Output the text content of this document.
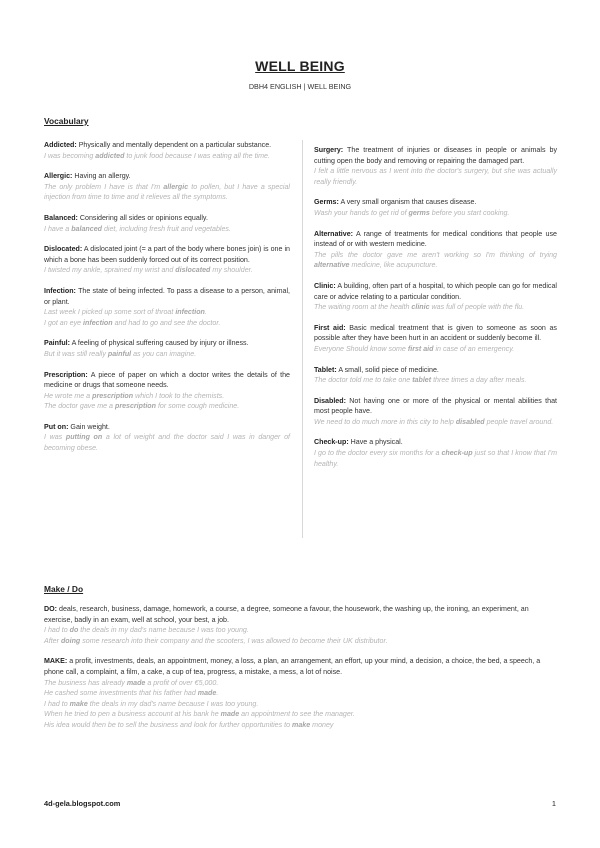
WELL BEING
DBH4 ENGLISH | WELL BEING
Vocabulary
Addicted: Physically and mentally dependent on a particular substance.
I was becoming addicted to junk food because I was eating all the time.
Allergic: Having an allergy.
The only problem I have is that I'm allergic to pollen, but I have a special injection from time to time and it relieves all the symptoms.
Balanced: Considering all sides or opinions equally.
I have a balanced diet, including fresh fruit and vegetables.
Dislocated: A dislocated joint (= a part of the body where bones join) is one in which a bone has been suddenly forced out of its correct position.
I twisted my ankle, sprained my wrist and dislocated my shoulder.
Infection: The state of being infected. To pass a disease to a person, animal, or plant.
Last week I picked up some sort of throat infection.
I got an eye infection and had to go and see the doctor.
Painful: A feeling of physical suffering caused by injury or illness.
But it was still really painful as you can imagine.
Prescription: A piece of paper on which a doctor writes the details of the medicine or drugs that someone needs.
He wrote me a prescription which I took to the chemists.
The doctor gave me a prescription for some cough medicine.
Put on: Gain weight.
I was putting on a lot of weight and the doctor said I was in danger of becoming obese.
Surgery: The treatment of injuries or diseases in people or animals by cutting open the body and removing or repairing the damaged part.
I felt a little nervous as I went into the doctor's surgery, but she was actually really friendly.
Germs: A very small organism that causes disease.
Wash your hands to get rid of germs before you start cooking.
Alternative: A range of treatments for medical conditions that people use instead of or with western medicine.
The pills the doctor gave me aren't working so I'm thinking of trying alternative medicine, like acupuncture.
Clinic: A building, often part of a hospital, to which people can go for medical care or advice relating to a particular condition.
The waiting room at the health clinic was full of people with the flu.
First aid: Basic medical treatment that is given to someone as soon as possible after they have been hurt in an accident or suddenly become ill.
Everyone Should know some first aid in case of an emergency.
Tablet: A small, solid piece of medicine.
The doctor told me to take one tablet three times a day after meals.
Disabled: Not having one or more of the physical or mental abilities that most people have.
We need to do much more in this city to help disabled people travel around.
Check-up: Have a physical.
I go to the doctor every six months for a check-up just so that I know that I'm healthy.
Make / Do
DO: deals, research, business, damage, homework, a course, a degree, someone a favour, the housework, the washing up, the ironing, an experiment, an exercise, badly in an exam, well at school, your best, a job.
I had to do the deals in my dad's name because I was too young.
After doing some research into their company and the scooters, I was allowed to become their UK distributor.
MAKE: a profit, investments, deals, an appointment, money, a loss, a plan, an arrangement, an effort, up your mind, a decision, a choice, the bed, a speech, a phone call, a complaint, a film, a cake, a cup of tea, progress, a mistake, a mess, a lot of noise.
The business has already made a profit of over €5,000.
He cashed some investments that his father had made.
I had to make the deals in my dad's name because I was too young.
When he tried to pen a business account at his bank he made an appointment to see the manager.
His idea would then be to sell the business and look for further opportunities to make money
4d-gela.blogspot.com	1
